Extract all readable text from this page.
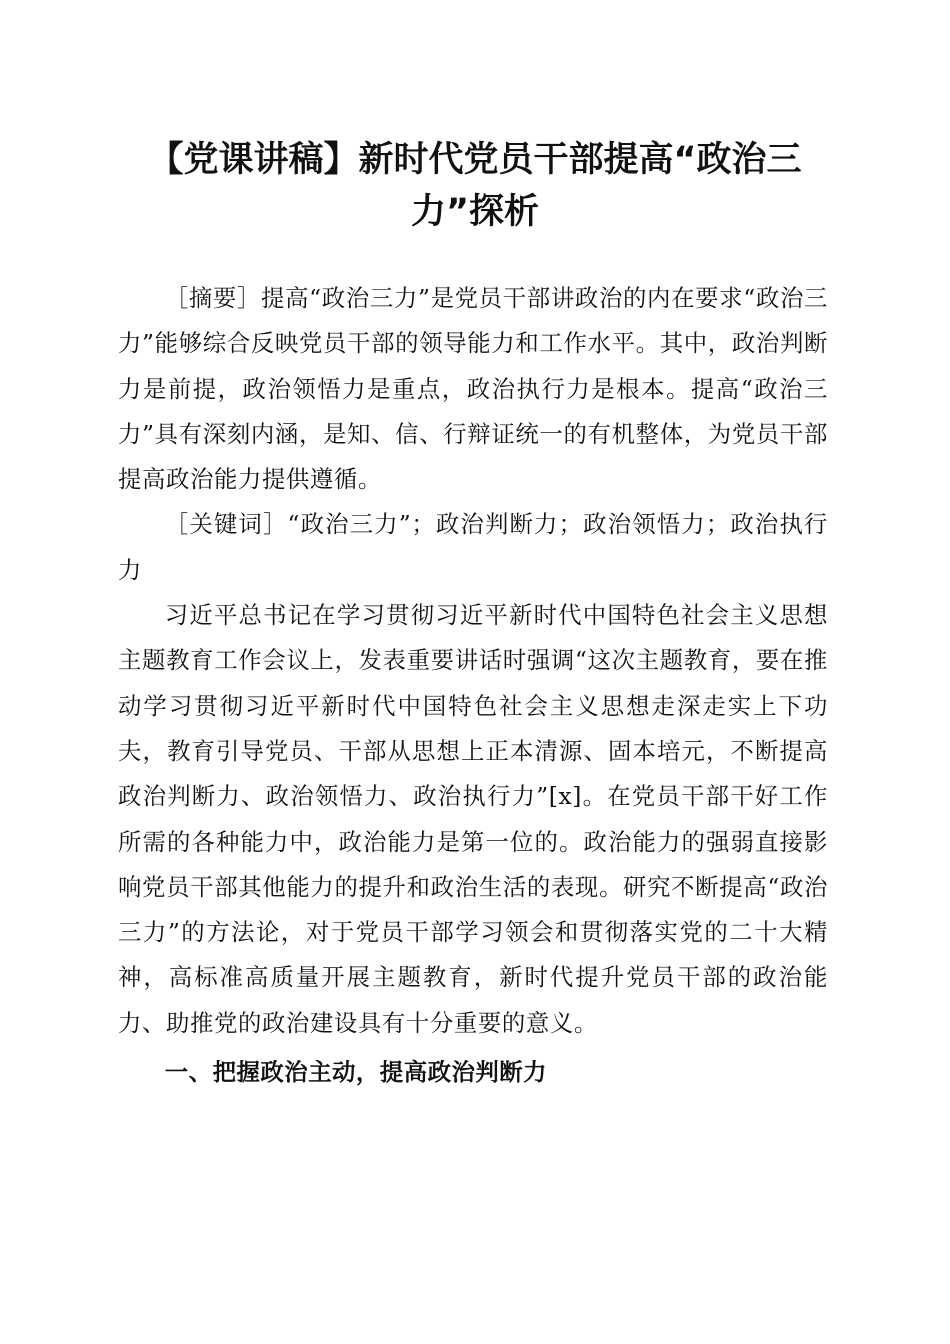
【党课讲稿】新时代党员干部提高“政治三力”探析

［摘要］提高“政治三力”是党员干部讲政治的内在要求“政治三力”能够综合反映党员干部的领导能力和工作水平。其中，政治判断力是前提，政治领悟力是重点，政治执行力是根本。提高“政治三力”具有深刻内涵，是知、信、行辩证统一的有机整体，为党员干部提高政治能力提供遵循。

［关键词］“政治三力”；政治判断力；政治领悟力；政治执行力

习近平总书记在学习贯彻习近平新时代中国特色社会主义思想主题教育工作会议上，发表重要讲话时强调“这次主题教育，要在推动学习贯彻习近平新时代中国特色社会主义思想走深走实上下功夫，教育引导党员、干部从思想上正本清源、固本培元，不断提高政治判断力、政治领悟力、政治执行力”[x]。在党员干部干好工作所需的各种能力中，政治能力是第一位的。政治能力的强弱直接影响党员干部其他能力的提升和政治生活的表现。研究不断提高“政治三力”的方法论，对于党员干部学习领会和贯彻落实党的二十大精神，高标准高质量开展主题教育，新时代提升党员干部的政治能力、助推党的政治建设具有十分重要的意义。

一、把握政治主动，提高政治判断力
